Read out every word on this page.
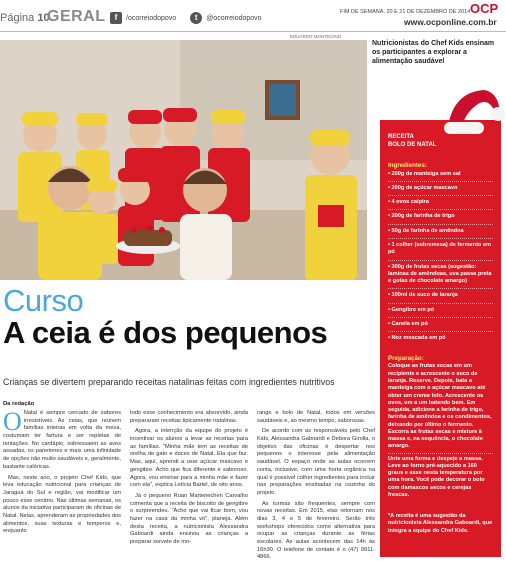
Página 10
GERAL	f	/ocorreiodopovo	t	@ocorreiodopovo
FIM DE SEMANA, 20 E 21 DE DEZEMBRO DE 2014 OCP
www.ocponline.com.br
EDUARDO MONTECINO
Nutricionistas do Chef Kids ensinam os participantes a explorar a alimentação saudável
RECEITA
BOLO DE NATAL
Ingredientes:
• 200g de manteiga sem sal
• 200g de açúcar mascavo
• 4 ovos caipira
• 200g de farinha de trigo
• 50g de farinha de amêndoa
• 1 colher (sobremesa) de fermento em pó
• 300g de frutas secas (sugestão: laminas de amêndoas, uva passa preta e gotas de chocolate amargo)
• 100ml de suco de laranja
• Gengibre em pó
• Canela em pó
• Noz moscada em pó
Preparação:

Coloque as frutas secas em um recipiente e acrescente o suco de laranja. Reserve. Depois, bata a manteiga com o açúcar mascavo até obter um creme fofo. Acrescente os ovos, um a um batendo bem. Em seguida, adicione a farinha de trigo, farinha de amêndoa e os condimentos, deixando por último o fermento. Escorra as frutas secas e misture à massa e, na sequência, o chocolate amargo.

Unte uma forma e despeje a massa. Leve ao forno pré-aquecido a 160 graus e asse nesta temperatura por uma hora. Você pode decorar o bolo com damascos secos e cerejas frescas.

*A receita é uma sugestão da nutricionista Alessandra Gaboardi, que integra a equipe do Chef Kids.

Curso
A ceia é dos pequenos
Crianças se divertem preparando receitas natalinas feitas com ingredientes nutritivos
Da redação

O Natal é sempre cercado de sabores irresistíveis. As ceias, que reúnem famílias inteiras em volta da mesa, costumam ter fartura e ser repletas de tentações. No cardápio, sobressaem as aves assadas, os panetones e mais uma infinidade de opções não muito saudáveis e, geralmente, bastante calóricas.

Mas, neste ano, o projeto Chef Kids, que leva educação nutricional para crianças de Jaraguá do Sul e região, vai modificar um pouco esse cenário. Nas últimas semanas, os alunos da iniciativa participaram de oficinas de Natal. Nelas, aprenderam as propriedades dos alimentos, suas texturas e temperos e, enquanto

todo esse conhecimento era absorvido, ainda prepararam receitas tipicamente natalinas.

Agora, a intenção da equipe do projeto é incentivar os alunos a levar as receitas para as famílias. "Minha mãe tem as receitas de orelha de gato e doces de Natal. Ela que faz. Mas, aqui, aprendi a usar açúcar mascavo e gengibre. Acho que fica diferente e saboroso. Agora, vou ensinar para a minha mãe e fazer com ela", explica Letícia Bartel, de oito anos.

Já o pequeno Ruan Martenechen Carvalho comenta que a receita de biscoito de gengibre o surpreendeu. "Acho que vai ficar bom, vou fazer na casa da minha vó", planeja. Além desta receita, a nutricionista Alessandra Gaboardi ainda ensinou as crianças a preparar sorvete de mo-

rango e bolo de Natal, todos em versões saudáveis e, ao mesmo tempo, saborosas.

De acordo com as responsáveis pelo Chef Kids, Alessandra Gaboardi e Debora Girolla, o objetivo das oficinas é despertar nos pequenos o interesse pela alimentação saudável. O espaço onde as aulas ocorrem conta, inclusive, com uma horta orgânica na qual é possível colher ingredientes para incluir nas preparações ensinadas na cozinha do projeto.

As turmas são frequentes, sempre com novas receitas. Em 2015, elas retornam nos dias 3, 4 e 5 de fevereiro. Serão três workshops oferecidos como alternativa para ocupar as crianças durante as férias escolares. As aulas acontecem das 14h às 16h30. O telefone de contato é o (47) 9911-4866.
